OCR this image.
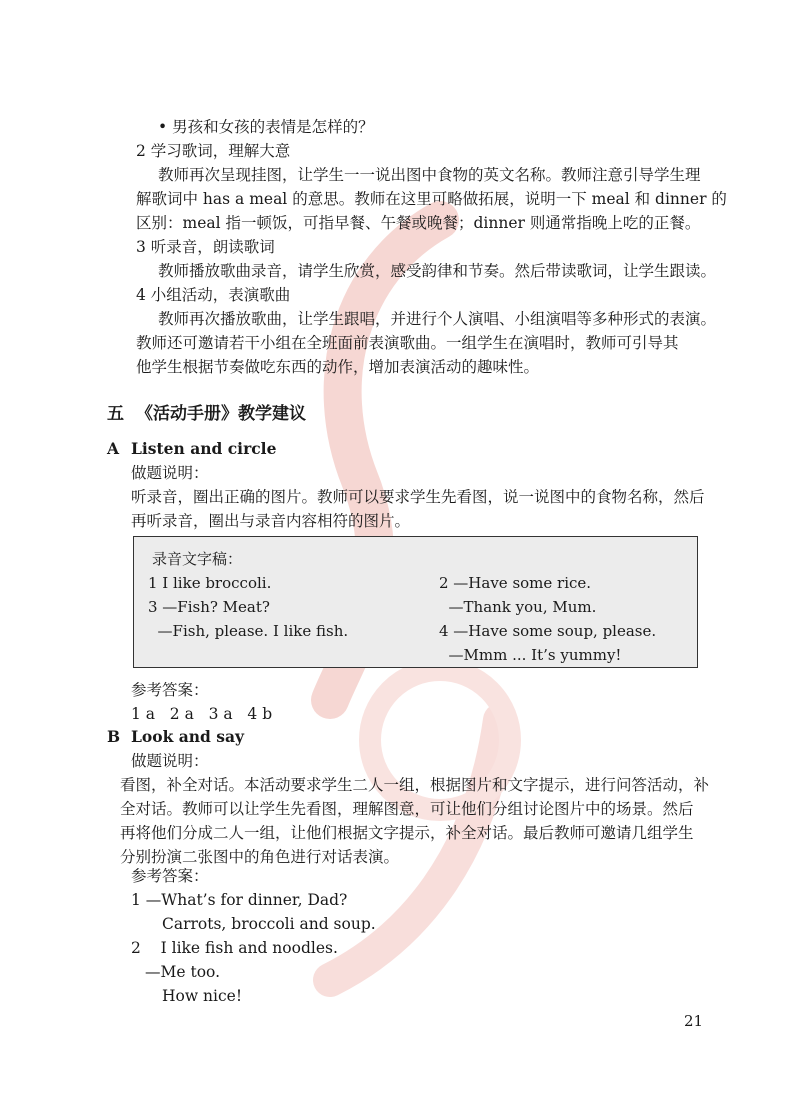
• 男孩和女孩的表情是怎样的？
2 学习歌词，理解大意
教师再次呈现挂图，让学生一一说出图中食物的英文名称。教师注意引导学生理
解歌词中 has a meal 的意思。教师在这里可略做拓展，说明一下 meal 和 dinner 的
区别：meal 指一顿饭，可指早餐、午餐或晚餐；dinner 则通常指晚上吃的正餐。
3 听录音，朗读歌词
教师播放歌曲录音，请学生欣赏，感受韵律和节奏。然后带读歌词，让学生跟读。
4 小组活动，表演歌曲
教师再次播放歌曲，让学生跟唱，并进行个人演唱、小组演唱等多种形式的表演。
教师还可邀请若干小组在全班面前表演歌曲。一组学生在演唱时，教师可引导其
他学生根据节奏做吃东西的动作，增加表演活动的趣味性。
五 《活动手册》教学建议
A Listen and circle
做题说明：
听录音，圈出正确的图片。教师可以要求学生先看图，说一说图中的食物名称，然后
再听录音，圈出与录音内容相符的图片。
录音文字稿：
1 I like broccoli.
3 —Fish? Meat?
—Fish, please. I like fish.
2 —Have some rice.
—Thank you, Mum.
4 —Have some soup, please.
—Mmm ... It’s yummy!
参考答案：
1 a   2 a   3 a   4 b
B Look and say
做题说明：
看图，补全对话。本活动要求学生二人一组，根据图片和文字提示，进行问答活动，补
全对话。教师可以让学生先看图，理解图意，可让他们分组讨论图片中的场景。然后
再将他们分成二人一组，让他们根据文字提示，补全对话。最后教师可邀请几组学生
分别扮演二张图中的角色进行对话表演。
参考答案：
1 —What’s for dinner, Dad?
Carrots, broccoli and soup.
2    I like fish and noodles.
—Me too.
How nice!
21
